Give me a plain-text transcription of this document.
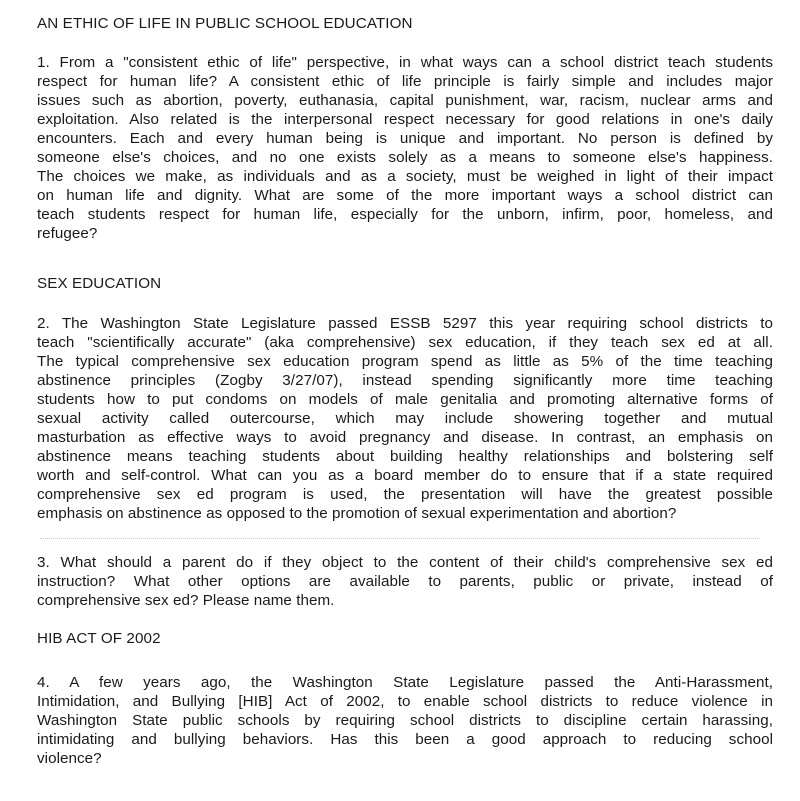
AN ETHIC OF LIFE IN PUBLIC SCHOOL EDUCATION
1. From a "consistent ethic of life" perspective, in what ways can a school district teach students
respect for human life? A consistent ethic of life principle is fairly simple and includes major
issues such as abortion, poverty, euthanasia, capital punishment, war, racism, nuclear arms and
exploitation. Also related is the interpersonal respect necessary for good relations in one's daily
encounters. Each and every human being is unique and important. No person is defined by
someone else's choices, and no one exists solely as a means to someone else's happiness.
The choices we make, as individuals and as a society, must be weighed in light of their impact
on human life and dignity. What are some of the more important ways a school district can
teach students respect for human life, especially for the unborn, infirm, poor, homeless, and
refugee?
SEX EDUCATION
2. The Washington State Legislature passed ESSB 5297 this year requiring school districts to
teach "scientifically accurate" (aka comprehensive) sex education, if they teach sex ed at all.
The typical comprehensive sex education program spend as little as 5% of the time teaching
abstinence principles (Zogby 3/27/07), instead spending significantly more time teaching
students how to put condoms on models of male genitalia and promoting alternative forms of
sexual activity called outercourse, which may include showering together and mutual
masturbation as effective ways to avoid pregnancy and disease. In contrast, an emphasis on
abstinence means teaching students about building healthy relationships and bolstering self
worth and self-control. What can you as a board member do to ensure that if a state required
comprehensive sex ed program is used, the presentation will have the greatest possible
emphasis on abstinence as opposed to the promotion of sexual experimentation and abortion?
3. What should a parent do if they object to the content of their child's comprehensive sex ed
instruction? What other options are available to parents, public or private, instead of
comprehensive sex ed? Please name them.
HIB ACT OF 2002
4. A few years ago, the Washington State Legislature passed the Anti-Harassment,
Intimidation, and Bullying [HIB] Act of 2002, to enable school districts to reduce violence in
Washington State public schools by requiring school districts to discipline certain harassing,
intimidating and bullying behaviors. Has this been a good approach to reducing school
violence?
